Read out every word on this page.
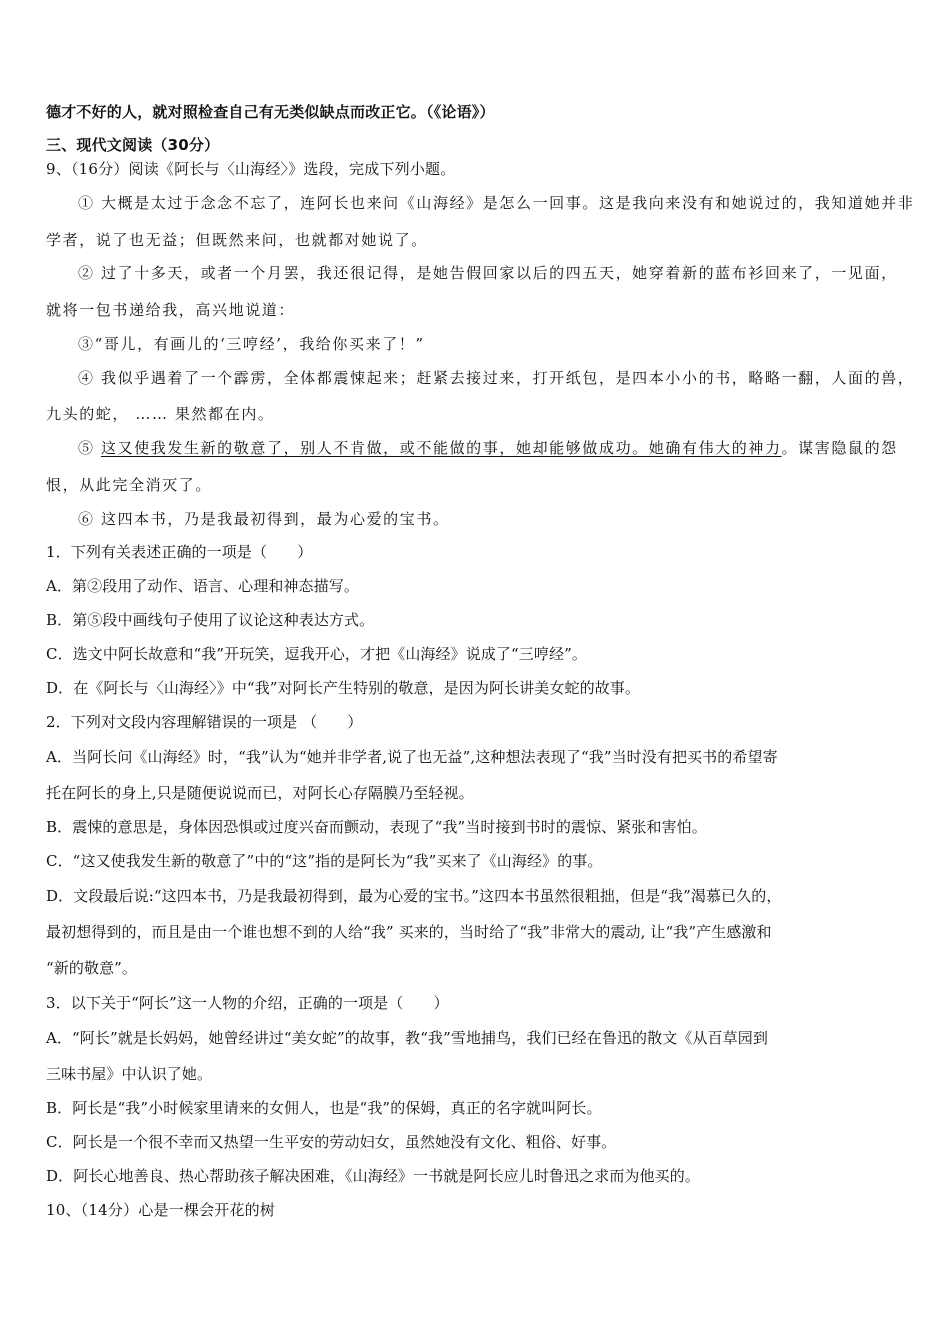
德才不好的人，就对照检查自己有无类似缺点而改正它。（《论语》）
三、现代文阅读（30分）
9、（16分）阅读《阿长与〈山海经〉》选段，完成下列小题。
① 大概是太过于念念不忘了，连阿长也来问《山海经》是怎么一回事。这是我向来没有和她说过的，我知道她并非
学者，说了也无益；但既然来问，也就都对她说了。
② 过了十多天，或者一个月罢，我还很记得，是她告假回家以后的四五天，她穿着新的蓝布衫回来了，一见面，
就将一包书递给我，高兴地说道：
③“哥儿，有画儿的‘三哼经’，我给你买来了！”
④ 我似乎遇着了一个霹雳，全体都震悚起来；赶紧去接过来，打开纸包，是四本小小的书，略略一翻，人面的兽，
九头的蛇， …… 果然都在内。
⑤ 这又使我发生新的敬意了，别人不肯做，或不能做的事，她却能够做成功。她确有伟大的神力。谋害隐鼠的怨
恨，从此完全消灭了。
⑥ 这四本书，乃是我最初得到，最为心爱的宝书。
1．下列有关表述正确的一项是（　　）
A．第②段用了动作、语言、心理和神态描写。
B．第⑤段中画线句子使用了议论这种表达方式。
C．选文中阿长故意和“我”开玩笑，逗我开心，才把《山海经》说成了“三哼经”。
D．在《阿长与〈山海经〉》中“我”对阿长产生特别的敬意，是因为阿长讲美女蛇的故事。
2．下列对文段内容理解错误的一项是 （　　）
A．当阿长问《山海经》时，“我”认为“她并非学者,说了也无益”,这种想法表现了“我”当时没有把买书的希望寄
托在阿长的身上,只是随便说说而已，对阿长心存隔膜乃至轻视。
B．震悚的意思是，身体因恐惧或过度兴奋而颤动，表现了“我”当时接到书时的震惊、紧张和害怕。
C．“这又使我发生新的敬意了”中的“这”指的是阿长为“我”买来了《山海经》的事。
D．文段最后说:“这四本书，乃是我最初得到，最为心爱的宝书。”这四本书虽然很粗拙，但是“我”渴慕已久的，
最初想得到的，而且是由一个谁也想不到的人给“我” 买来的，当时给了“我”非常大的震动, 让“我”产生感激和
“新的敬意”。
3．以下关于“阿长”这一人物的介绍，正确的一项是（　　）
A．“阿长”就是长妈妈，她曾经讲过“美女蛇”的故事，教“我”雪地捕鸟，我们已经在鲁迅的散文《从百草园到
三味书屋》中认识了她。
B．阿长是“我”小时候家里请来的女佣人，也是“我”的保姆，真正的名字就叫阿长。
C．阿长是一个很不幸而又热望一生平安的劳动妇女，虽然她没有文化、粗俗、好事。
D．阿长心地善良、热心帮助孩子解决困难，《山海经》一书就是阿长应儿时鲁迅之求而为他买的。
10、（14分）心是一棵会开花的树
